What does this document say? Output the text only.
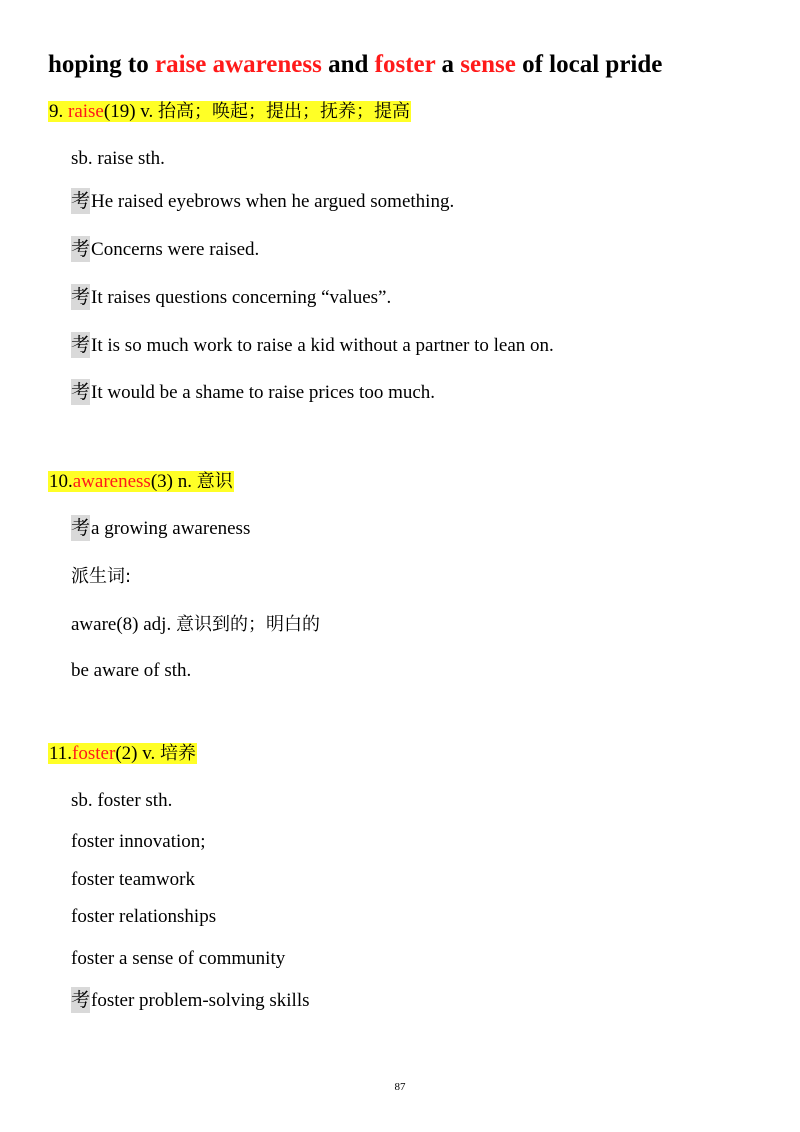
hoping to raise awareness and foster a sense of local pride
9. raise(19) v. 抬高；唤起；提出；抚养；提高
sb. raise sth.
考He raised eyebrows when he argued something.
考Concerns were raised.
考It raises questions concerning “values”.
考It is so much work to raise a kid without a partner to lean on.
考It would be a shame to raise prices too much.
10.awareness(3) n. 意识
考a growing awareness
派生词:
aware(8) adj. 意识到的；明白的
be aware of sth.
11.foster(2) v. 培养
sb. foster sth.
foster innovation;
foster teamwork
foster relationships
foster a sense of community
考foster problem-solving skills
87
